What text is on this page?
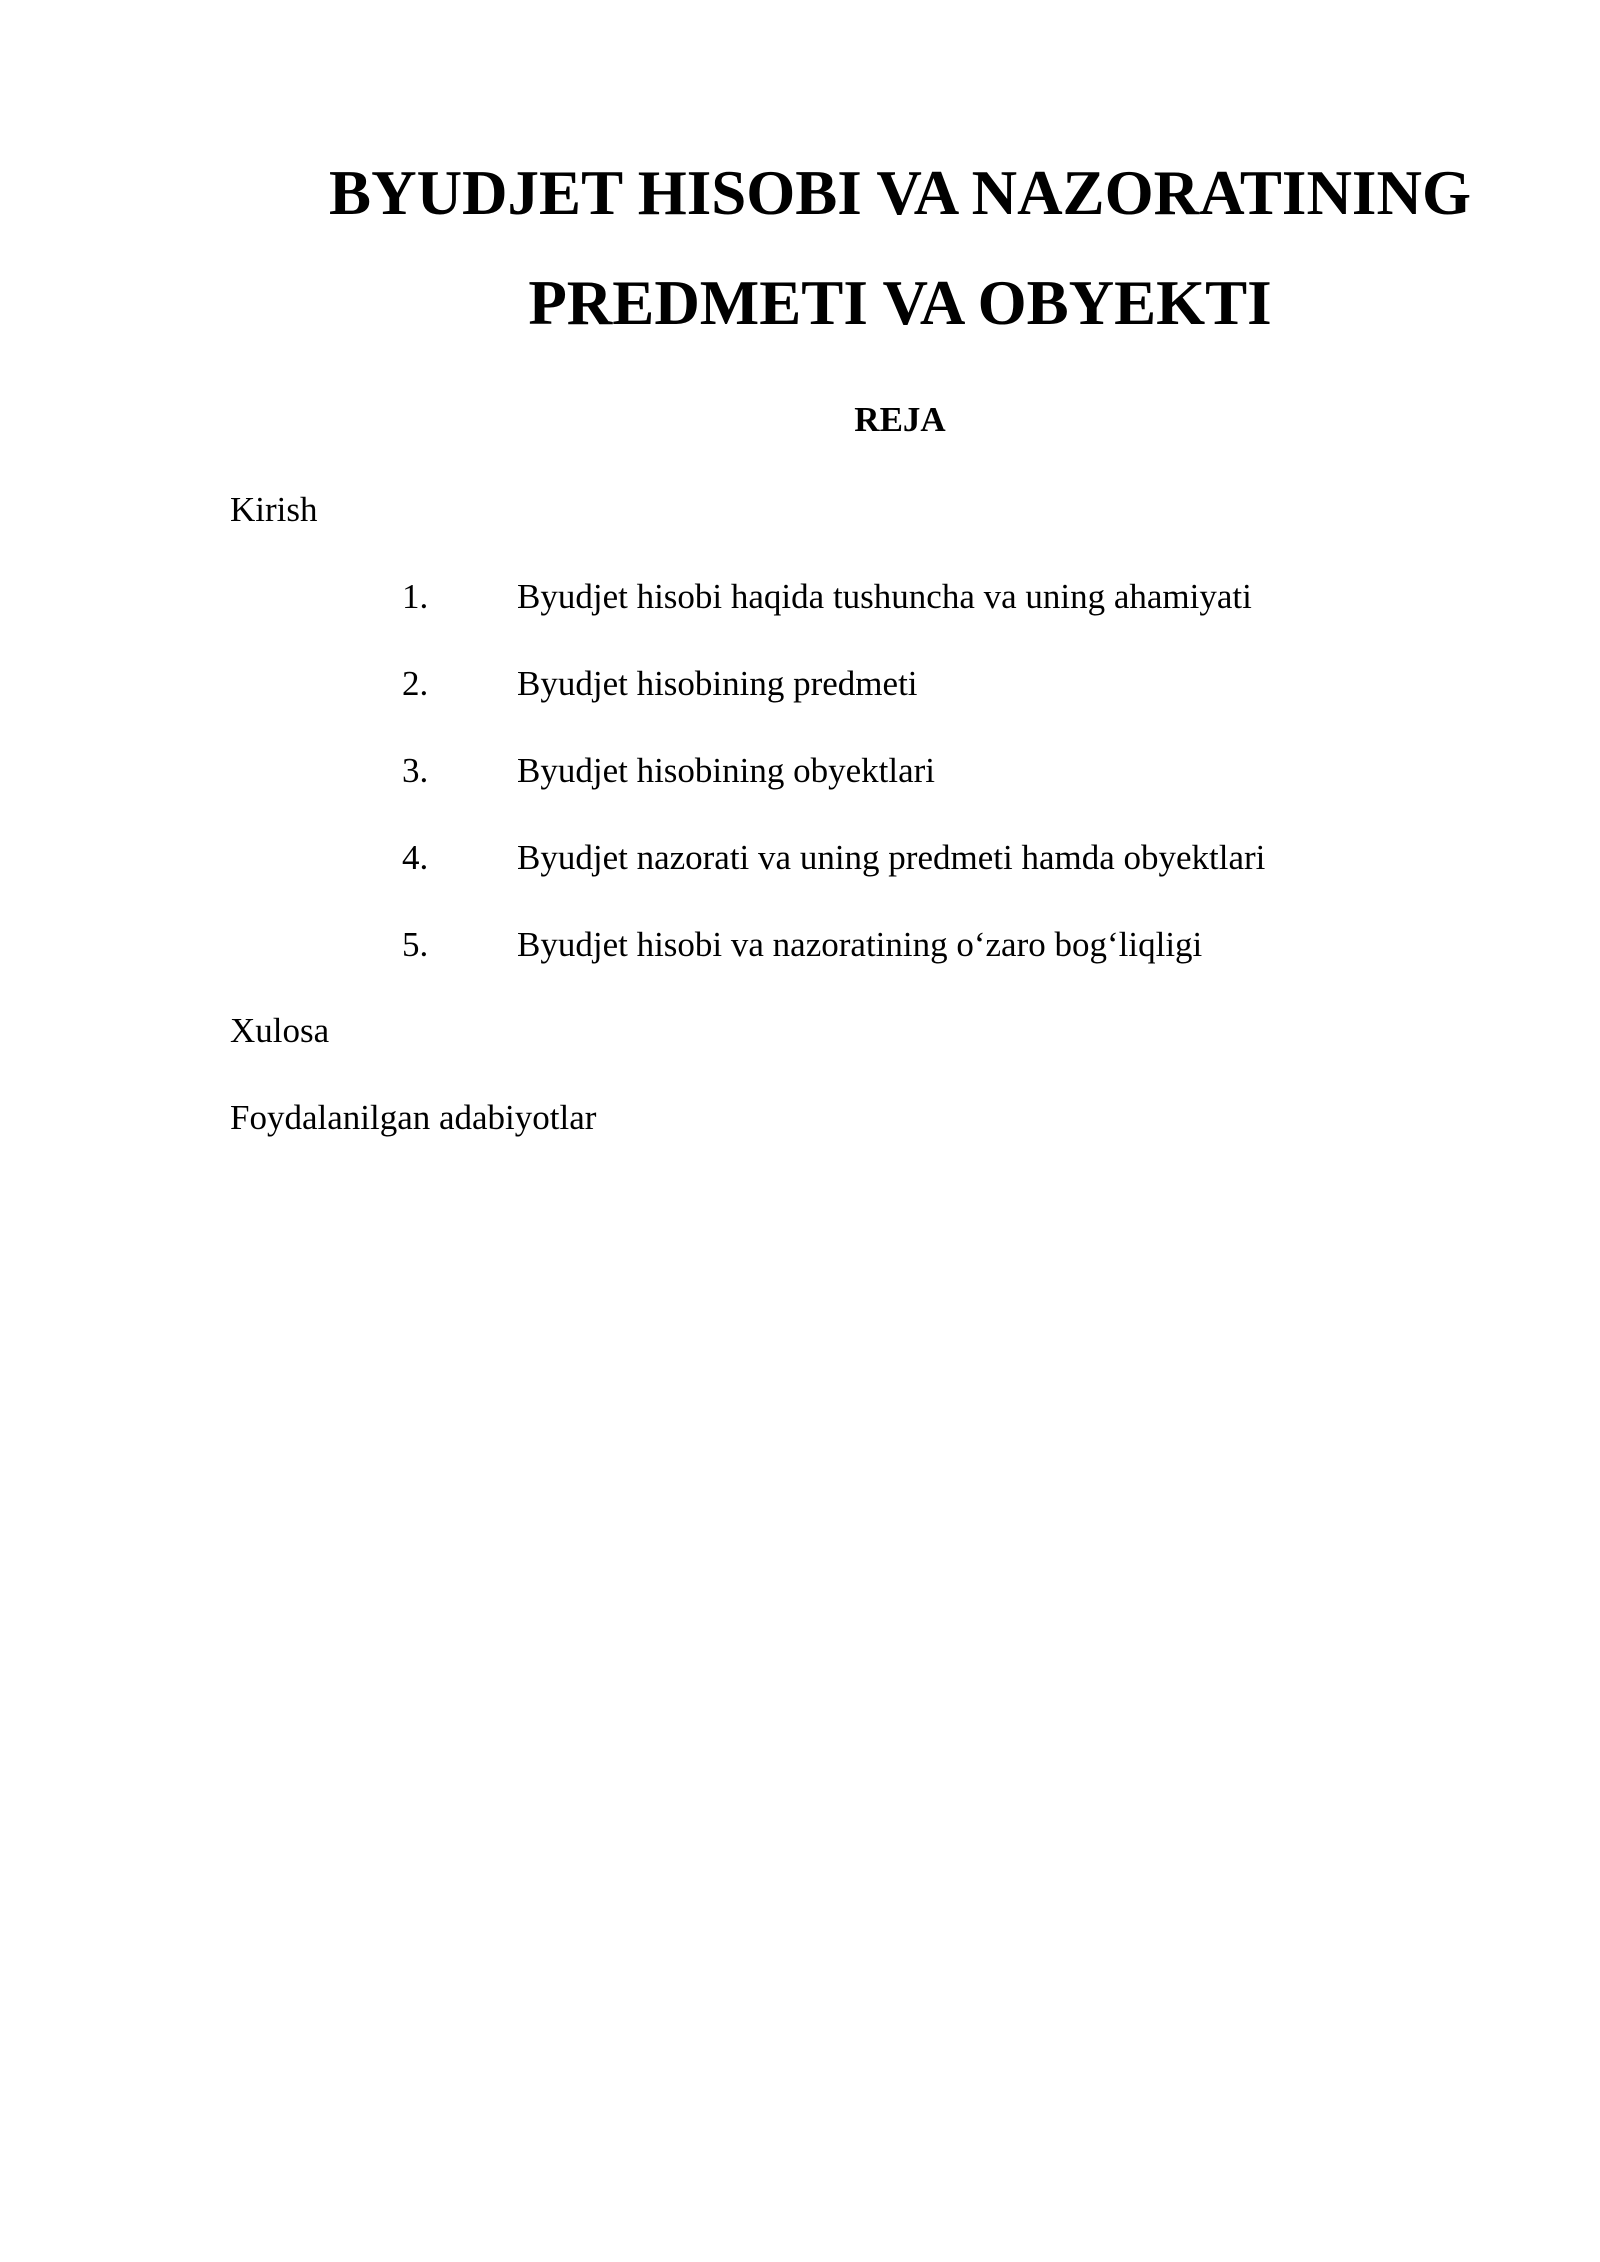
BYUDJET HISOBI VA NAZORATINING
PREDMETI VA OBYEKTI
REJA

Kirish

1.	Byudjet hisobi haqida tushuncha va uning ahamiyati
2.	Byudjet hisobining predmeti
3.	Byudjet hisobining obyektlari
4.	Byudjet nazorati va uning predmeti hamda obyektlari
5.	Byudjet hisobi va nazoratining o‘zaro bog‘liqligi

Xulosa

Foydalanilgan adabiyotlar
